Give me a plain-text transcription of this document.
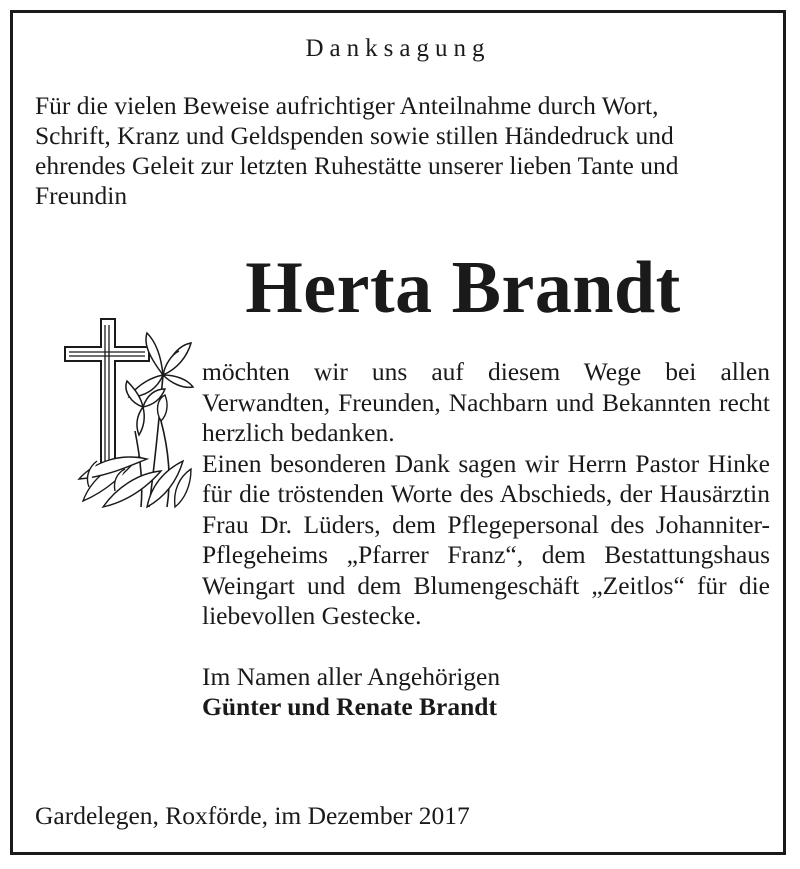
Danksagung

Für die vielen Beweise aufrichtiger Anteilnahme durch Wort,

Schrift, Kranz und Geldspenden sowie stillen Händedruck und

ehrendes Geleit zur letzten Ruhestätte unserer lieben Tante und

Freundin

Herta Brandt

möchten wir uns auf diesem Wege bei allen Verwandten, Freunden, Nachbarn und Bekannten recht herzlich bedanken.

Einen besonderen Dank sagen wir Herrn Pastor Hinke für die tröstenden Worte des Abschieds, der Hausärztin Frau Dr. Lüders, dem Pflegepersonal des Johanniter-Pflegeheims „Pfarrer Franz“, dem Bestattungshaus Weingart und dem Blumengeschäft „Zeitlos“ für die liebevollen Gestecke.

Im Namen aller Angehörigen

Günter und Renate Brandt

Gardelegen, Roxförde, im Dezember 2017
